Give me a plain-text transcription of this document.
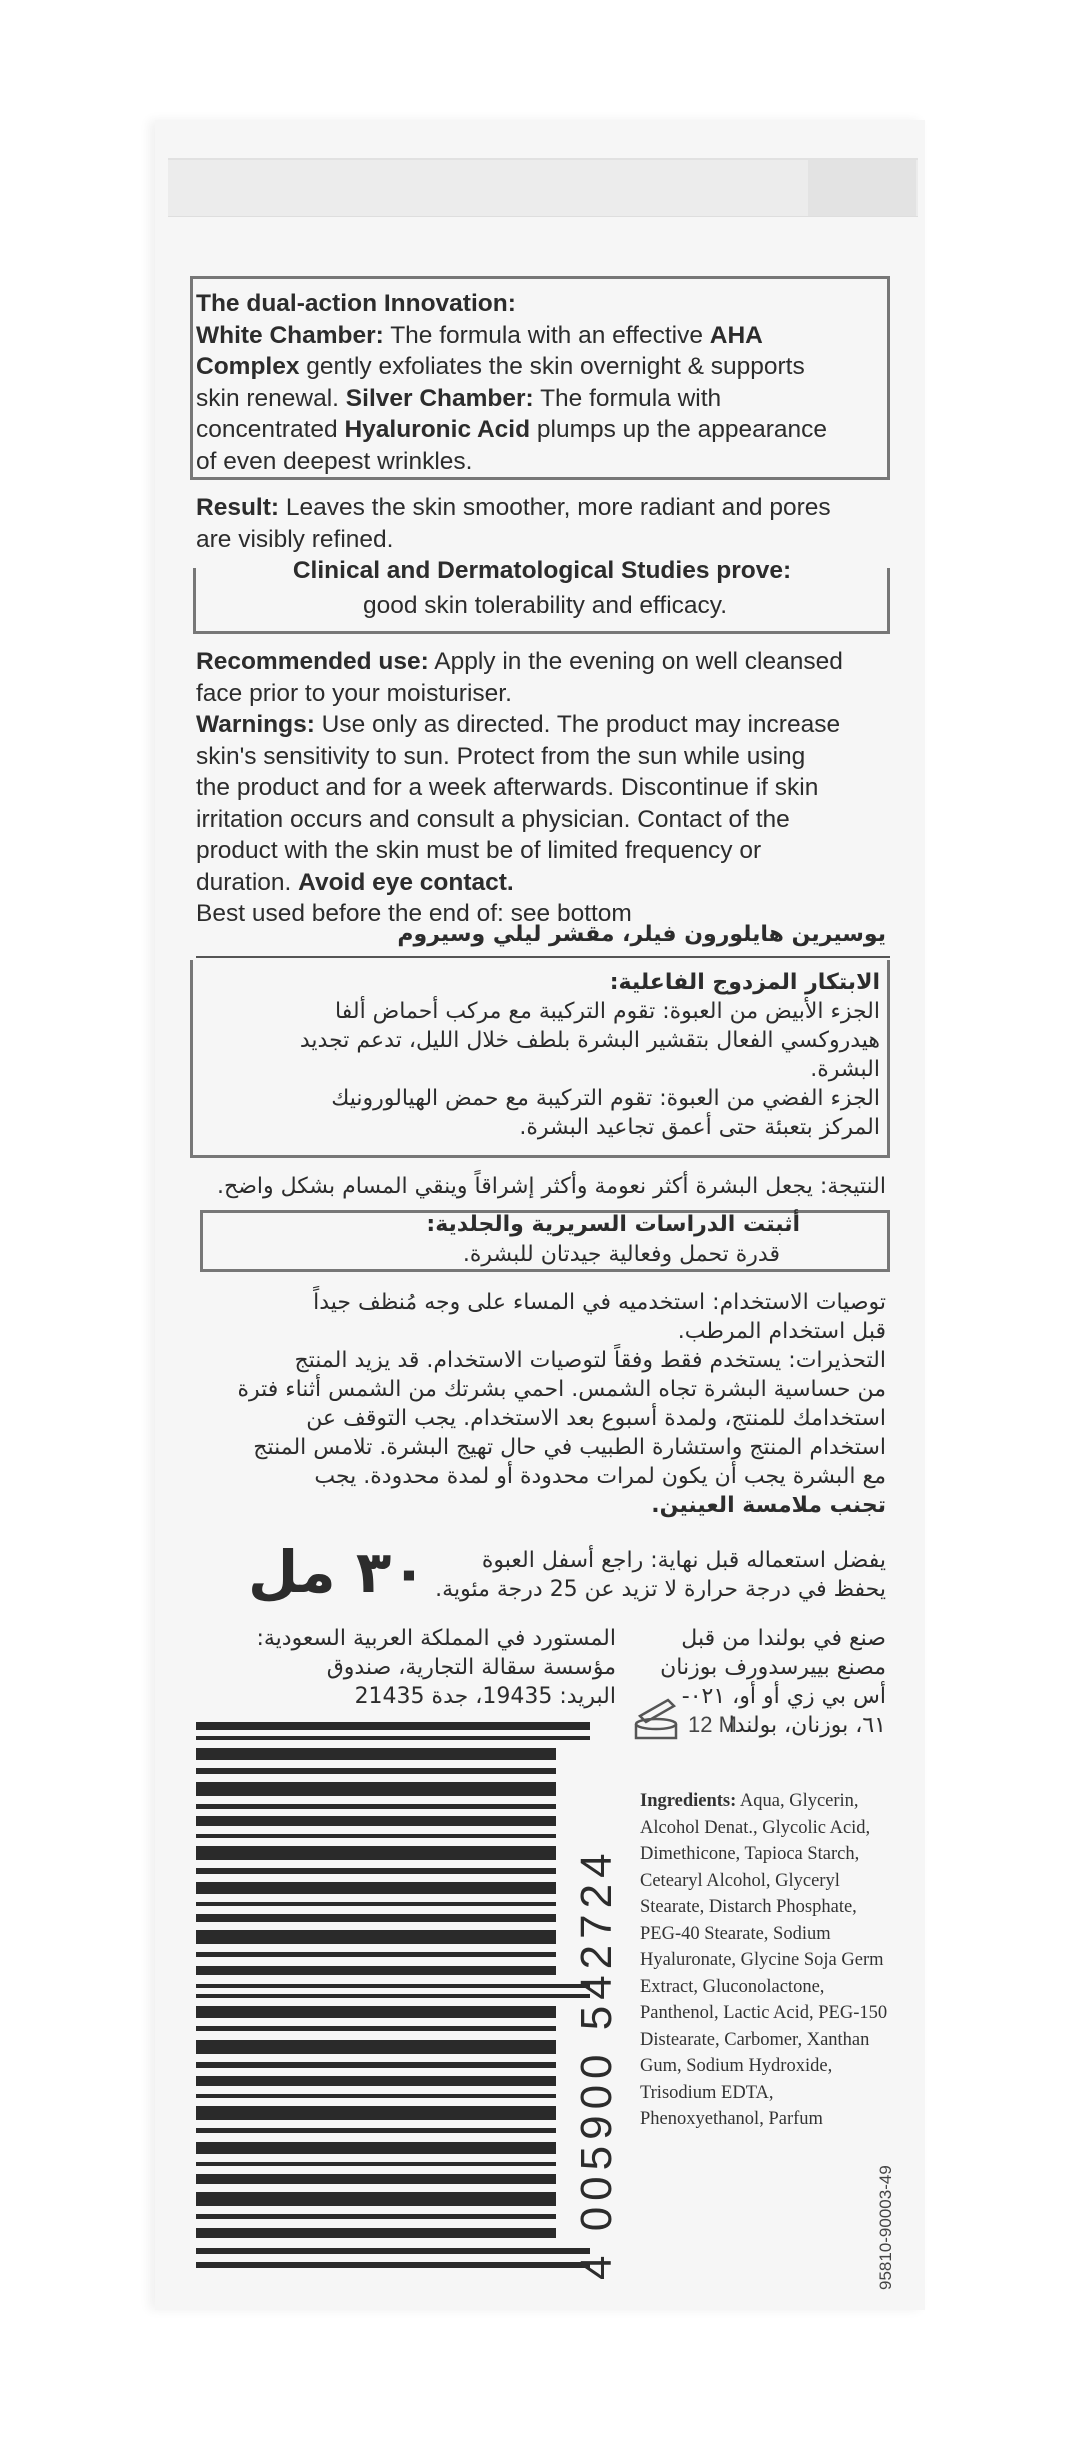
The dual-action Innovation:
White Chamber: The formula with an effective AHA
Complex gently exfoliates the skin overnight & supports
skin renewal. Silver Chamber: The formula with
concentrated Hyaluronic Acid plumps up the appearance
of even deepest wrinkles.
Result: Leaves the skin smoother, more radiant and pores
are visibly refined.
Clinical and Dermatological Studies prove:
good skin tolerability and efficacy.
Recommended use: Apply in the evening on well cleansed
face prior to your moisturiser.
Warnings: Use only as directed. The product may increase
skin's sensitivity to sun. Protect from the sun while using
the product and for a week afterwards. Discontinue if skin
irritation occurs and consult a physician. Contact of the
product with the skin must be of limited frequency or
duration. Avoid eye contact.
Best used before the end of: see bottom
يوسيرين هايلورون فيلر، مقشر ليلي وسيروم
الابتكار المزدوج الفاعلية:
الجزء الأبيض من العبوة: تقوم التركيبة مع مركب أحماض ألفا
هيدروكسي الفعال بتقشير البشرة بلطف خلال الليل، تدعم تجديد
البشرة.
الجزء الفضي من العبوة: تقوم التركيبة مع حمض الهيالورونيك
المركز بتعبئة حتى أعمق تجاعيد البشرة.
النتيجة: يجعل البشرة أكثر نعومة وأكثر إشراقاً وينقي المسام بشكل واضح.
أثبتت الدراسات السريرية والجلدية:
قدرة تحمل وفعالية جيدتان للبشرة.
توصيات الاستخدام: استخدميه في المساء على وجه مُنظف جيداً
قبل استخدام المرطب.
التحذيرات: يستخدم فقط وفقاً لتوصيات الاستخدام. قد يزيد المنتج
من حساسية البشرة تجاه الشمس. احمي بشرتك من الشمس أثناء فترة
استخدامك للمنتج، ولمدة أسبوع بعد الاستخدام. يجب التوقف عن
استخدام المنتج واستشارة الطبيب في حال تهيج البشرة. تلامس المنتج
مع البشرة يجب أن يكون لمرات محدودة أو لمدة محدودة. يجب
تجنب ملامسة العينين.
يفضل استعماله قبل نهاية: راجع أسفل العبوة
يحفظ في درجة حرارة لا تزيد عن 25 درجة مئوية.
٣٠ مل
المستورد في المملكة العربية السعودية:
مؤسسة سقالة التجارية، صندوق
البريد: 19435، جدة 21435
صنع في بولندا من قبل
مصنع بييرسدورف بوزنان
أس بي زي أو أو، ٠٢١-
٦١، بوزنان، بولندا
12 M
4 005900 542724
Ingredients: Aqua, Glycerin, Alcohol Denat., Glycolic Acid, Dimethicone, Tapioca Starch, Cetearyl Alcohol, Glyceryl Stearate, Distarch Phosphate, PEG-40 Stearate, Sodium Hyaluronate, Glycine Soja Germ Extract, Gluconolactone, Panthenol, Lactic Acid, PEG-150 Distearate, Carbomer, Xanthan Gum, Sodium Hydroxide, Trisodium EDTA, Phenoxyethanol, Parfum
95810-90003-49
